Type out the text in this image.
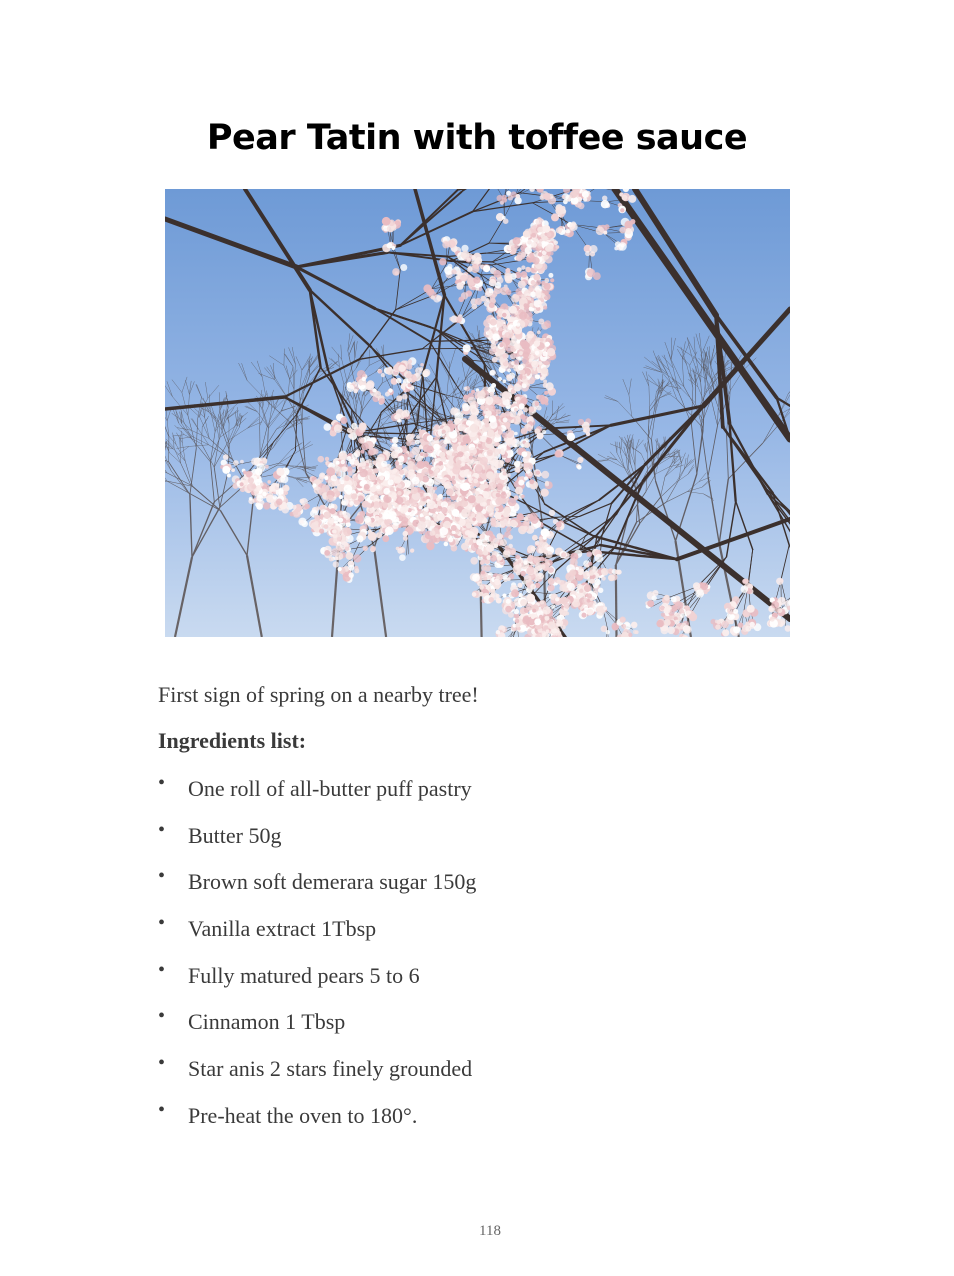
Pear Tatin with toffee sauce
First sign of spring on a nearby tree!
Ingredients list:
• One roll of all-butter puff pastry
• Butter 50g
• Brown soft demerara sugar 150g
• Vanilla extract 1Tbsp
• Fully matured pears 5 to 6
• Cinnamon 1 Tbsp
• Star anis 2 stars finely grounded
• Pre-heat the oven to 180°.
118
